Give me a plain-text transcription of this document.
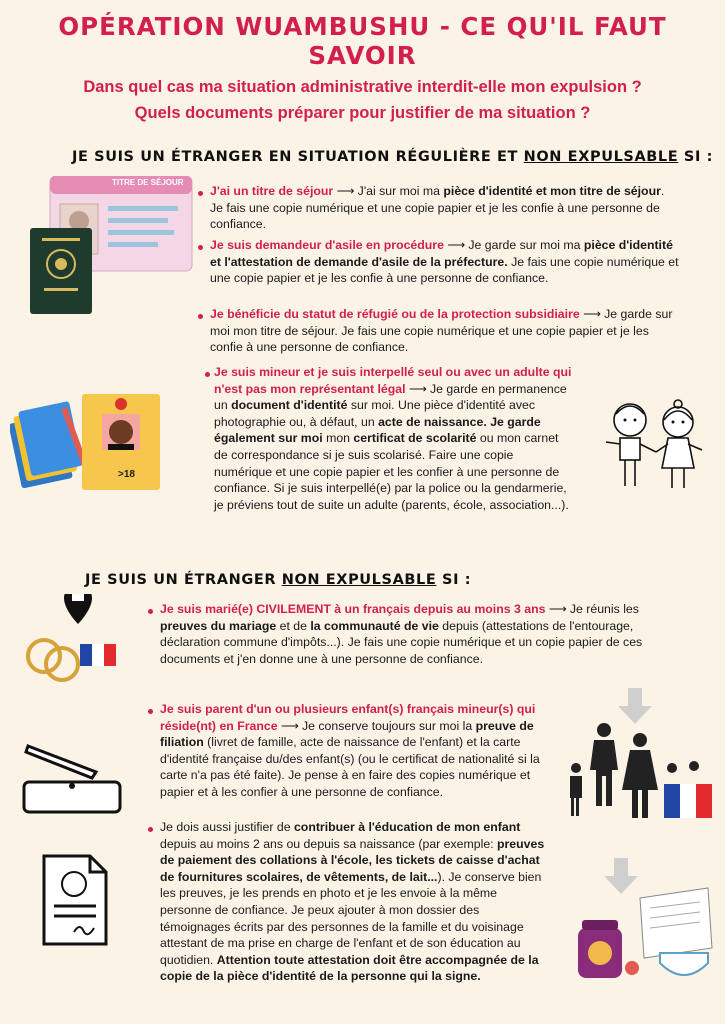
OPÉRATION WUAMBUSHU - CE QU'IL FAUT SAVOIR
Dans quel cas ma situation administrative interdit-elle mon expulsion ?
Quels documents préparer pour justifier de ma situation ?
JE SUIS UN ÉTRANGER EN SITUATION RÉGULIÈRE ET NON EXPULSABLE SI :
TITRE DE SÉJOUR
J'ai un titre de séjour ⟶ J'ai sur moi ma pièce d'identité et mon titre de séjour. Je fais une copie numérique et une copie papier et je les confie à une personne de confiance.
Je suis demandeur d'asile en procédure ⟶ Je garde sur moi ma pièce d'identité et l'attestation de demande d'asile de la préfecture. Je fais une copie numérique et une copie papier et je les confie à une personne de confiance.
Je bénéficie du statut de réfugié ou de la protection subsidiaire ⟶ Je garde sur moi mon titre de séjour. Je fais une copie numérique et une copie papier et je les confie à une personne de confiance.
>18
Je suis mineur et je suis interpellé seul ou avec un adulte qui n'est pas mon représentant légal ⟶ Je garde en permanence un document d'identité sur moi. Une pièce d'identité avec photographie ou, à défaut, un acte de naissance. Je garde également sur moi mon certificat de scolarité ou mon carnet de correspondance si je suis scolarisé. Faire une copie numérique et une copie papier et les confier à une personne de confiance. Si je suis interpellé(e) par la police ou la gendarmerie, je préviens tout de suite un adulte (parents, école, association...).
JE SUIS UN ÉTRANGER NON EXPULSABLE SI :
Je suis marié(e) CIVILEMENT à un français depuis au moins 3 ans ⟶ Je réunis les preuves du mariage et de la communauté de vie depuis (attestations de l'entourage, déclaration commune d'impôts...). Je fais une copie numérique et un copie papier de ces documents et j'en donne une à une personne de confiance.
Je suis parent d'un ou plusieurs enfant(s) français mineur(s) qui réside(nt) en France ⟶ Je conserve toujours sur moi la preuve de filiation (livret de famille, acte de naissance de l'enfant) et la carte d'identité française du/des enfant(s) (ou le certificat de nationalité si la carte n'a pas été faite). Je pense à en faire des copies numérique et papier et à les confier à une personne de confiance.
Je dois aussi justifier de contribuer à l'éducation de mon enfant depuis au moins 2 ans ou depuis sa naissance (par exemple: preuves de paiement des collations à l'école, les tickets de caisse d'achat de fournitures scolaires, de vêtements, de lait...). Je conserve bien les preuves, je les prends en photo et je les envoie à la même personne de confiance. Je peux ajouter à mon dossier des témoignages écrits par des personnes de la famille et du voisinage attestant de ma prise en charge de l'enfant et de son éducation au quotidien. Attention toute attestation doit être accompagnée de la copie de la pièce d'identité de la personne qui la signe.
